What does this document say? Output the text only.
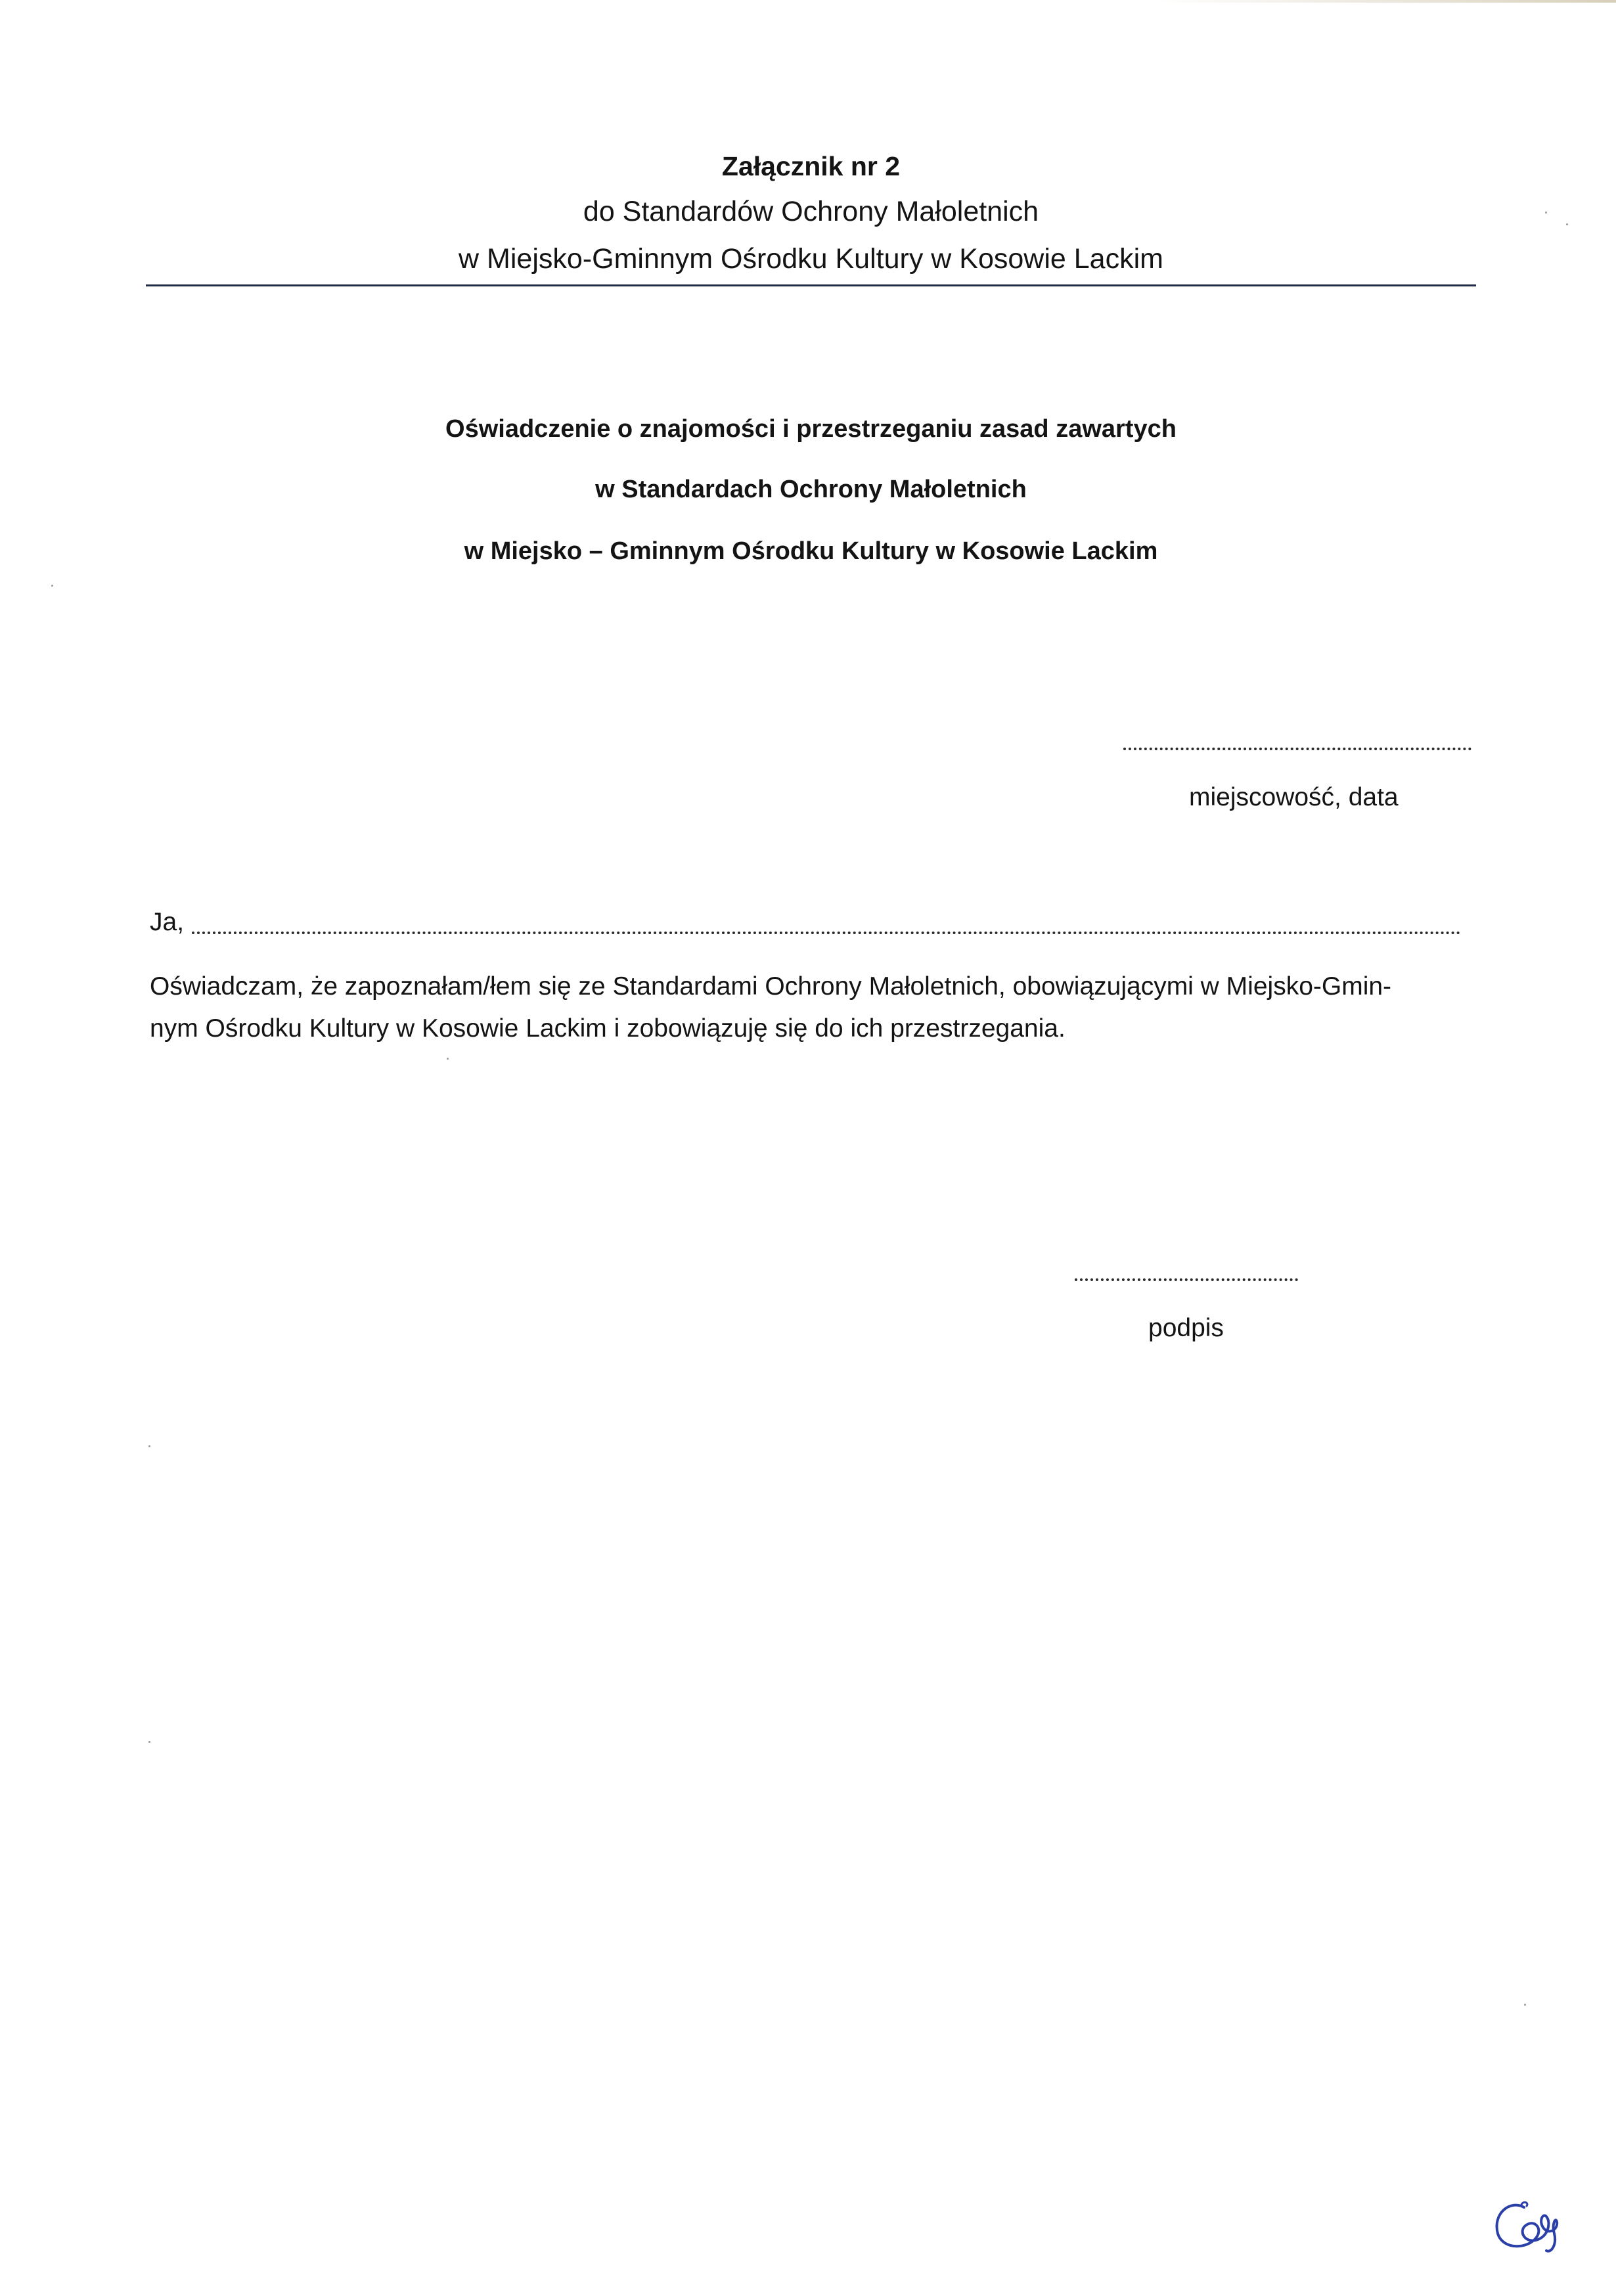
Załącznik nr 2
do Standardów Ochrony Małoletnich
w Miejsko-Gminnym Ośrodku Kultury w Kosowie Lackim
Oświadczenie o znajomości i przestrzeganiu zasad zawartych
w Standardach Ochrony Małoletnich
w Miejsko – Gminnym Ośrodku Kultury w Kosowie Lackim
miejscowość, data
Ja,
Oświadczam, że zapoznałam/łem się ze Standardami Ochrony Małoletnich, obowiązującymi w Miejsko-Gmin-
nym Ośrodku Kultury w Kosowie Lackim i zobowiązuję się do ich przestrzegania.
podpis
